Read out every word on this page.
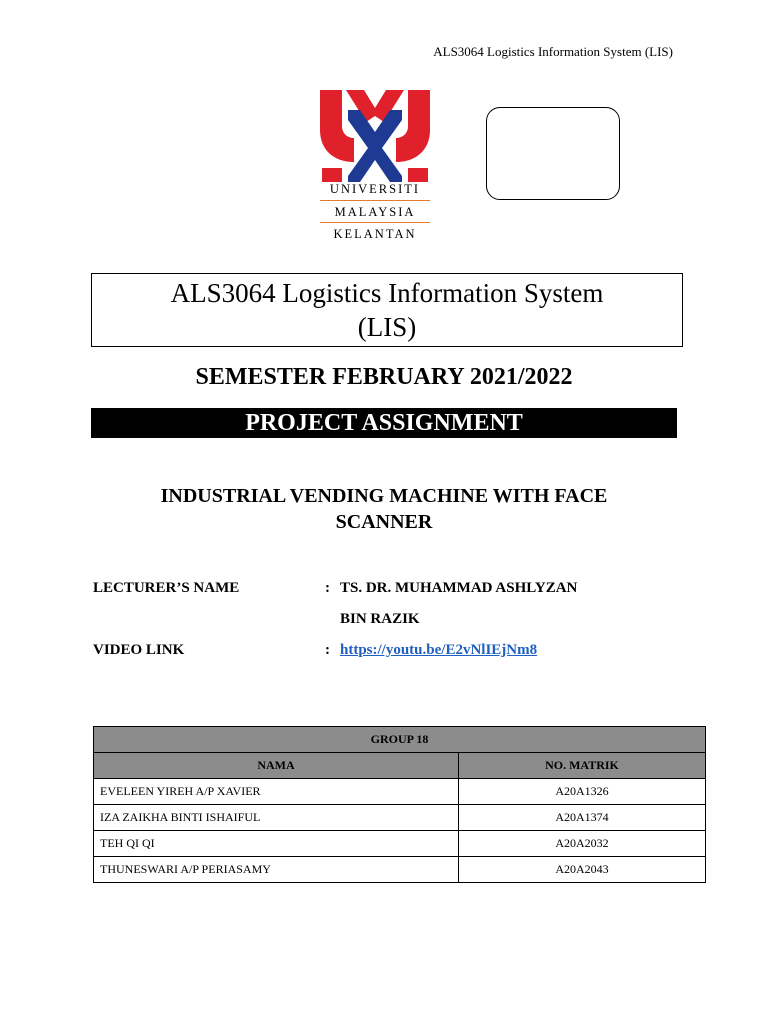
ALS3064 Logistics Information System (LIS)
UNIVERSITI
MALAYSIA
KELANTAN
ALS3064 Logistics Information System
(LIS)
SEMESTER FEBRUARY 2021/2022
PROJECT ASSIGNMENT
INDUSTRIAL VENDING MACHINE WITH FACE
SCANNER
LECTURER’S NAME	: TS. DR. MUHAMMAD ASHLYZAN
BIN RAZIK
VIDEO LINK	: https://youtu.be/E2vNlIEjNm8
GROUP 18	
NAMA	NO. MATRIK
EVELEEN YIREH A/P XAVIER	A20A1326
IZA ZAIKHA BINTI ISHAIFUL	A20A1374
TEH QI QI	A20A2032
THUNESWARI A/P PERIASAMY	A20A2043
